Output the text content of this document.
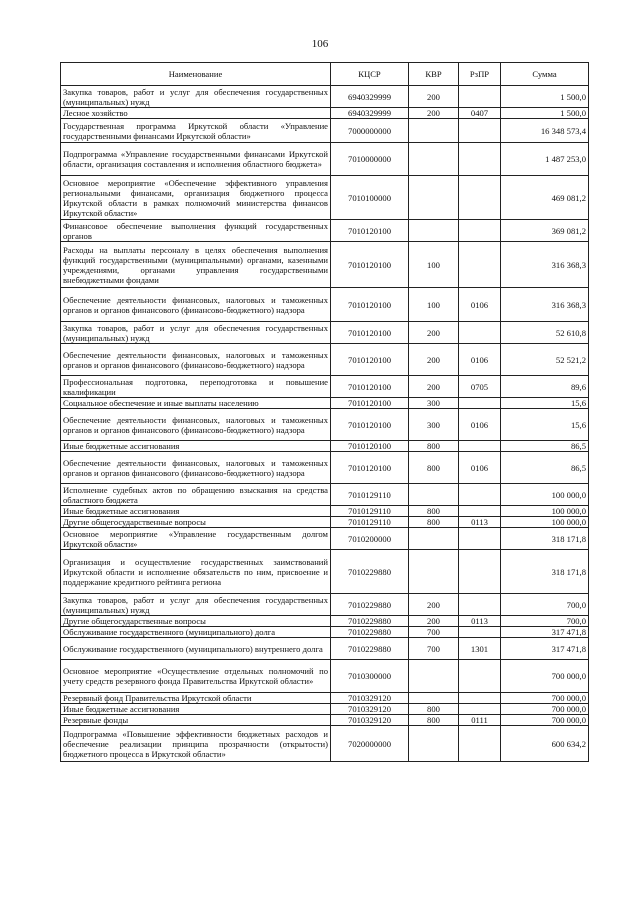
106
Наименование	КЦСР	КВР	РзПР	Сумма
Закупка товаров, работ и услуг для обеспечения государственных (муниципальных) нужд	6940329999	200		1 500,0
Лесное хозяйство	6940329999	200	0407	1 500,0
Государственная программа Иркутской области «Управление государственными финансами Иркутской области»	7000000000			16 348 573,4
Подпрограмма «Управление государственными финансами Иркутской области, организация составления и исполнения областного бюджета»	7010000000			1 487 253,0
Основное мероприятие «Обеспечение эффективного управления региональными финансами, организация бюджетного процесса Иркутской области в рамках полномочий министерства финансов Иркутской области»	7010100000			469 081,2
Финансовое обеспечение выполнения функций государственных органов	7010120100			369 081,2
Расходы на выплаты персоналу в целях обеспечения выполнения функций государственными (муниципальными) органами, казенными учреждениями, органами управления государственными внебюджетными фондами	7010120100	100		316 368,3
Обеспечение деятельности финансовых, налоговых и таможенных органов и органов финансового (финансово-бюджетного) надзора	7010120100	100	0106	316 368,3
Закупка товаров, работ и услуг для обеспечения государственных (муниципальных) нужд	7010120100	200		52 610,8
Обеспечение деятельности финансовых, налоговых и таможенных органов и органов финансового (финансово-бюджетного) надзора	7010120100	200	0106	52 521,2
Профессиональная подготовка, переподготовка и повышение квалификации	7010120100	200	0705	89,6
Социальное обеспечение и иные выплаты населению	7010120100	300		15,6
Обеспечение деятельности финансовых, налоговых и таможенных органов и органов финансового (финансово-бюджетного) надзора	7010120100	300	0106	15,6
Иные бюджетные ассигнования	7010120100	800		86,5
Обеспечение деятельности финансовых, налоговых и таможенных органов и органов финансового (финансово-бюджетного) надзора	7010120100	800	0106	86,5
Исполнение судебных актов по обращению взыскания на средства областного бюджета	7010129110			100 000,0
Иные бюджетные ассигнования	7010129110	800		100 000,0
Другие общегосударственные вопросы	7010129110	800	0113	100 000,0
Основное мероприятие «Управление государственным долгом Иркутской области»	7010200000			318 171,8
Организация и осуществление государственных заимствований Иркутской области и исполнение обязательств по ним, присвоение и поддержание кредитного рейтинга региона	7010229880			318 171,8
Закупка товаров, работ и услуг для обеспечения государственных (муниципальных) нужд	7010229880	200		700,0
Другие общегосударственные вопросы	7010229880	200	0113	700,0
Обслуживание государственного (муниципального) долга	7010229880	700		317 471,8
Обслуживание государственного (муниципального) внутреннего долга	7010229880	700	1301	317 471,8
Основное мероприятие «Осуществление отдельных полномочий по учету средств резервного фонда Правительства Иркутской области»	7010300000			700 000,0
Резервный фонд Правительства Иркутской области	7010329120			700 000,0
Иные бюджетные ассигнования	7010329120	800		700 000,0
Резервные фонды	7010329120	800	0111	700 000,0
Подпрограмма «Повышение эффективности бюджетных расходов и обеспечение реализации принципа прозрачности (открытости) бюджетного процесса в Иркутской области»	7020000000			600 634,2
